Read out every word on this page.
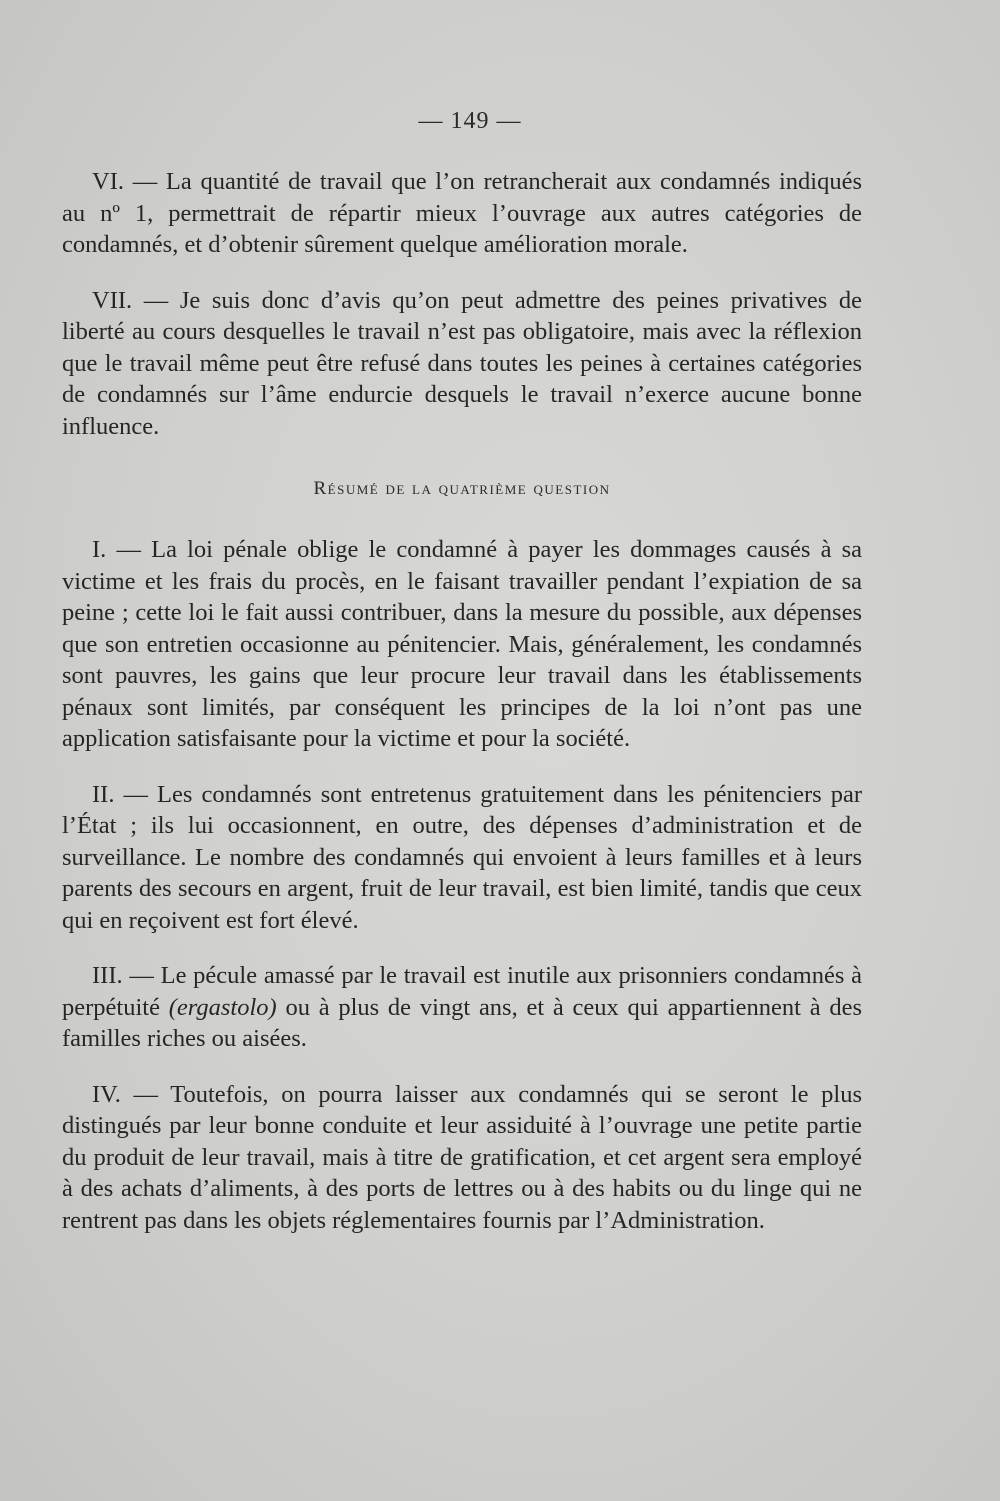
— 149 —

VI. — La quantité de travail que l’on retrancherait aux condamnés indiqués au nº 1, permettrait de répartir mieux l’ouvrage aux autres catégories de condamnés, et d’obtenir sûrement quelque amélioration morale.

VII. — Je suis donc d’avis qu’on peut admettre des peines privatives de liberté au cours desquelles le travail n’est pas obligatoire, mais avec la réflexion que le travail même peut être refusé dans toutes les peines à certaines catégories de condamnés sur l’âme endurcie desquels le travail n’exerce aucune bonne influence.

Résumé de la quatrième question

I. — La loi pénale oblige le condamné à payer les dommages causés à sa victime et les frais du procès, en le faisant travailler pendant l’expiation de sa peine ; cette loi le fait aussi contribuer, dans la mesure du possible, aux dépenses que son entretien occasionne au pénitencier. Mais, généralement, les condamnés sont pauvres, les gains que leur procure leur travail dans les établissements pénaux sont limités, par conséquent les principes de la loi n’ont pas une application satisfaisante pour la victime et pour la société.

II. — Les condamnés sont entretenus gratuitement dans les pénitenciers par l’État ; ils lui occasionnent, en outre, des dépenses d’administration et de surveillance. Le nombre des condamnés qui envoient à leurs familles et à leurs parents des secours en argent, fruit de leur travail, est bien limité, tandis que ceux qui en reçoivent est fort élevé.

III. — Le pécule amassé par le travail est inutile aux prisonniers condamnés à perpétuité (ergastolo) ou à plus de vingt ans, et à ceux qui appartiennent à des familles riches ou aisées.

IV. — Toutefois, on pourra laisser aux condamnés qui se seront le plus distingués par leur bonne conduite et leur assiduité à l’ouvrage une petite partie du produit de leur travail, mais à titre de gratification, et cet argent sera employé à des achats d’aliments, à des ports de lettres ou à des habits ou du linge qui ne rentrent pas dans les objets réglementaires fournis par l’Administration.
